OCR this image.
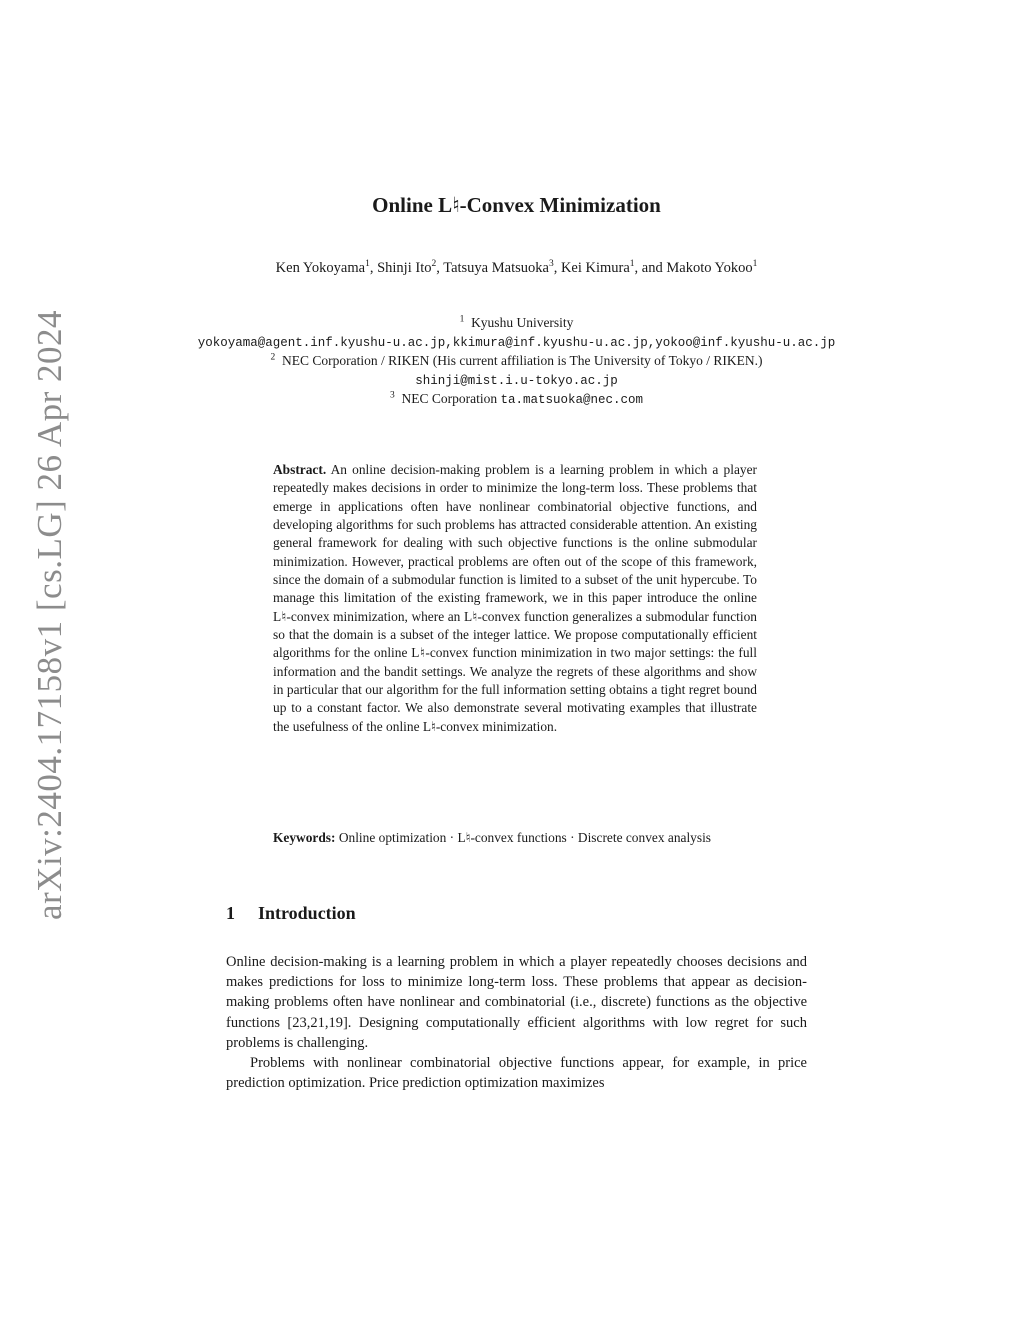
arXiv:2404.17158v1 [cs.LG] 26 Apr 2024
Online L♮-Convex Minimization
Ken Yokoyama$^1$, Shinji Ito$^2$, Tatsuya Matsuoka$^3$, Kei Kimura$^1$, and Makoto Yokoo$^1$
$^1$ Kyushu University
yokoyama@agent.inf.kyushu-u.ac.jp,kkimura@inf.kyushu-u.ac.jp,yokoo@inf.kyushu-u.ac.jp
$^2$ NEC Corporation / RIKEN (His current affiliation is The University of Tokyo / RIKEN.) shinji@mist.i.u-tokyo.ac.jp
$^3$ NEC Corporation ta.matsuoka@nec.com
Abstract. An online decision-making problem is a learning problem in which a player repeatedly makes decisions in order to minimize the long-term loss. These problems that emerge in applications often have nonlinear combinatorial objective functions, and developing algorithms for such problems has attracted considerable attention. An existing general framework for dealing with such objective functions is the online submodular minimization. However, practical problems are often out of the scope of this framework, since the domain of a submodular function is limited to a subset of the unit hypercube. To manage this limitation of the existing framework, we in this paper introduce the online L♮-convex minimization, where an L♮-convex function generalizes a submodular function so that the domain is a subset of the integer lattice. We propose computationally efficient algorithms for the online L♮-convex function minimization in two major settings: the full information and the bandit settings. We analyze the regrets of these algorithms and show in particular that our algorithm for the full information setting obtains a tight regret bound up to a constant factor. We also demonstrate several motivating examples that illustrate the usefulness of the online L♮-convex minimization.
Keywords: Online optimization · L♮-convex functions · Discrete convex analysis
1 Introduction

Online decision-making is a learning problem in which a player repeatedly chooses decisions and makes predictions for loss to minimize long-term loss. These problems that appear as decision-making problems often have nonlinear and combinatorial (i.e., discrete) functions as the objective functions [23,21,19]. Designing computationally efficient algorithms with low regret for such problems is challenging.

Problems with nonlinear combinatorial objective functions appear, for example, in price prediction optimization. Price prediction optimization maximizes
